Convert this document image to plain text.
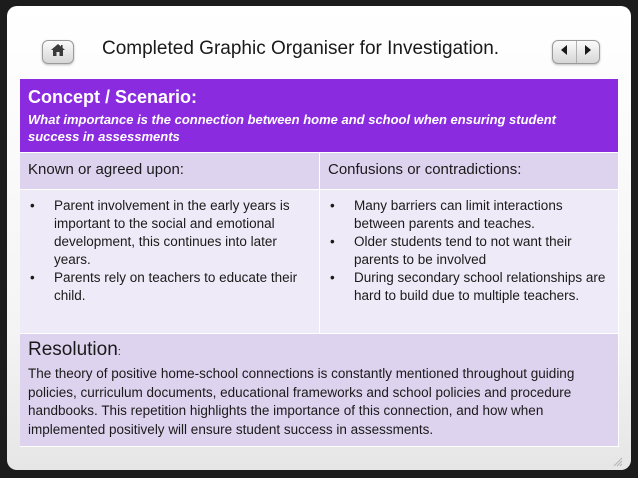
Completed Graphic Organiser for Investigation.
Concept / Scenario:
What importance is the connection between home and school when ensuring student success in assessments
Known or agreed upon:	Confusions or contradictions:
• Parent involvement in the early years is important to the social and emotional development, this continues into later years.
• Parents rely on teachers to educate their child.
• Many barriers can limit interactions between parents and teaches.
• Older students tend to not want their parents to be involved
• During secondary school relationships are hard to build due to multiple teachers.
Resolution:
The theory of positive home-school connections is constantly mentioned throughout guiding policies, curriculum documents, educational frameworks and school policies and procedure handbooks. This repetition highlights the importance of this connection, and how when implemented positively will ensure student success in assessments.
